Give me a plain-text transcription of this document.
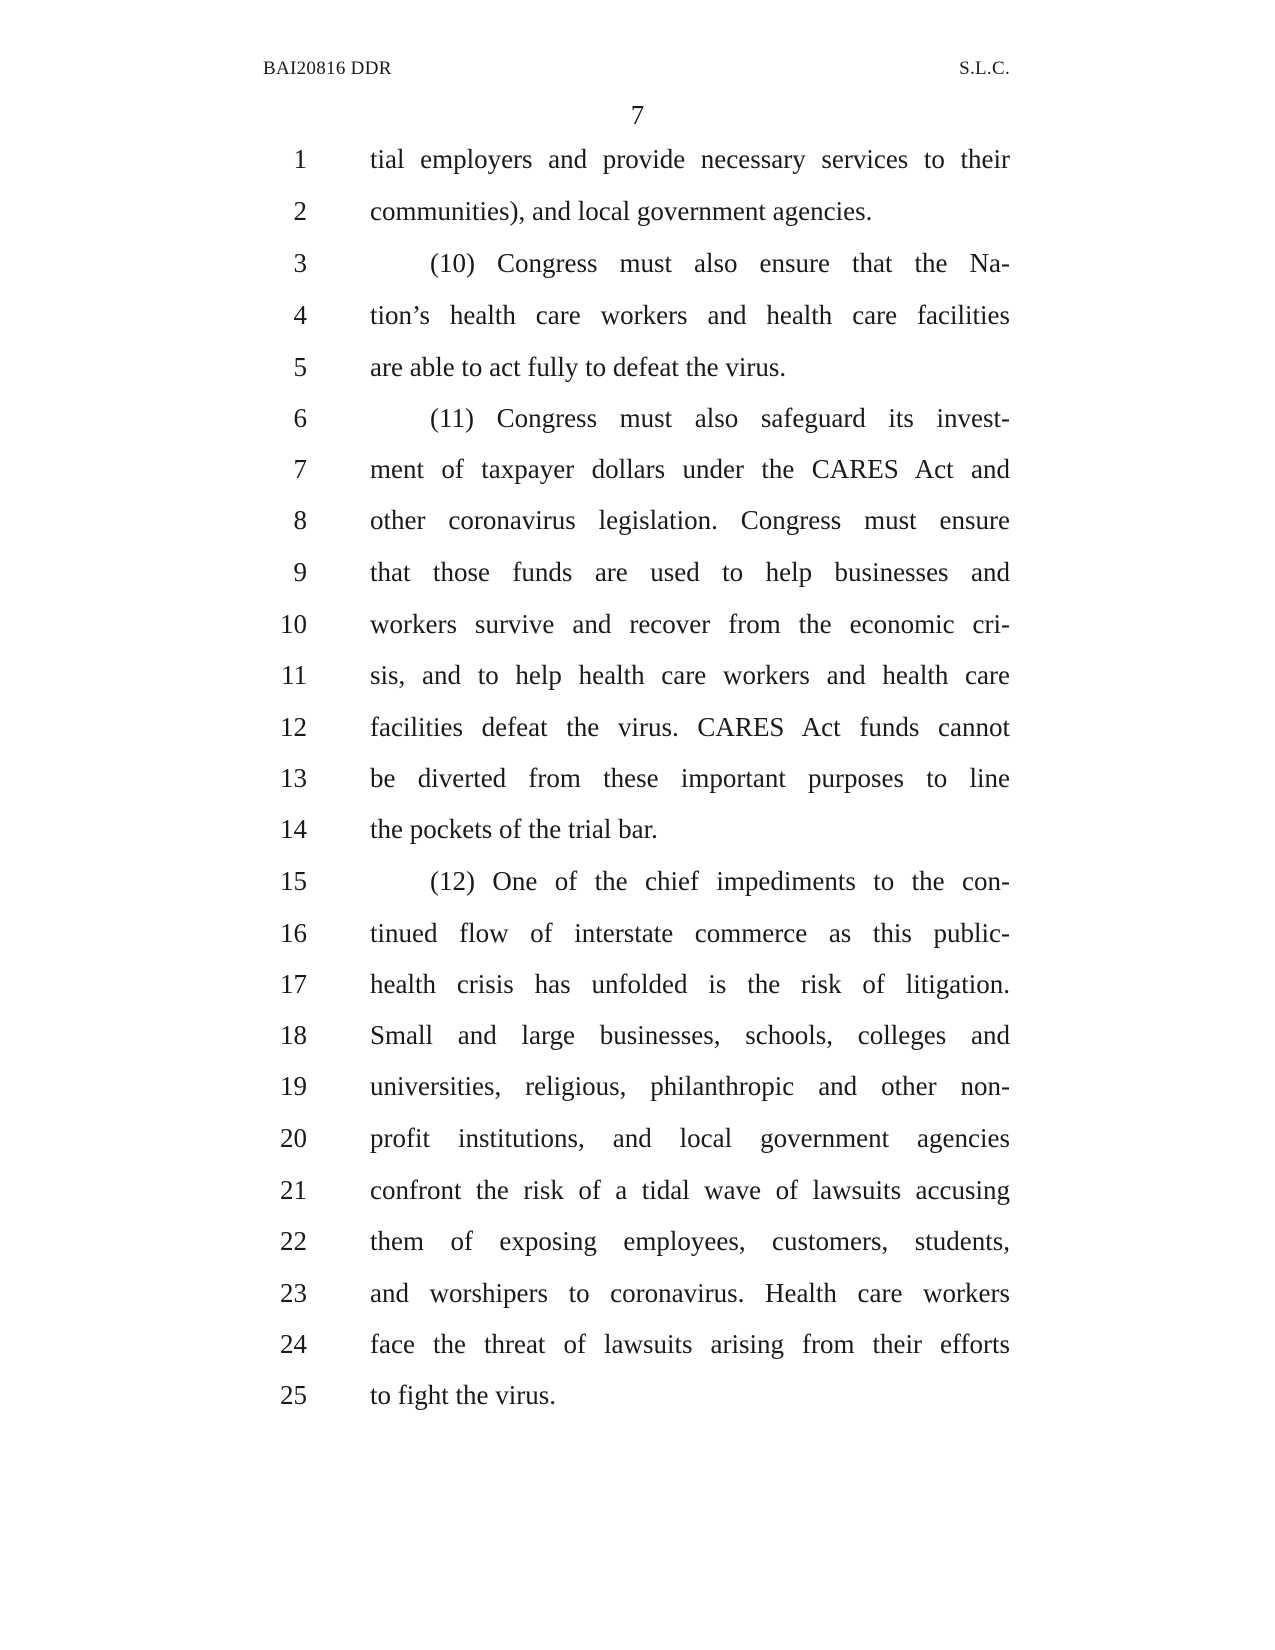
BAI20816 DDR	S.L.C.
7
1 tial employers and provide necessary services to their
2 communities), and local government agencies.
3	(10) Congress must also ensure that the Na-
4 tion’s health care workers and health care facilities
5 are able to act fully to defeat the virus.
6	(11) Congress must also safeguard its invest-
7 ment of taxpayer dollars under the CARES Act and
8 other coronavirus legislation. Congress must ensure
9 that those funds are used to help businesses and
10 workers survive and recover from the economic cri-
11 sis, and to help health care workers and health care
12 facilities defeat the virus. CARES Act funds cannot
13 be diverted from these important purposes to line
14 the pockets of the trial bar.
15	(12) One of the chief impediments to the con-
16 tinued flow of interstate commerce as this public-
17 health crisis has unfolded is the risk of litigation.
18 Small and large businesses, schools, colleges and
19 universities, religious, philanthropic and other non-
20 profit institutions, and local government agencies
21 confront the risk of a tidal wave of lawsuits accusing
22 them of exposing employees, customers, students,
23 and worshipers to coronavirus. Health care workers
24 face the threat of lawsuits arising from their efforts
25 to fight the virus.
